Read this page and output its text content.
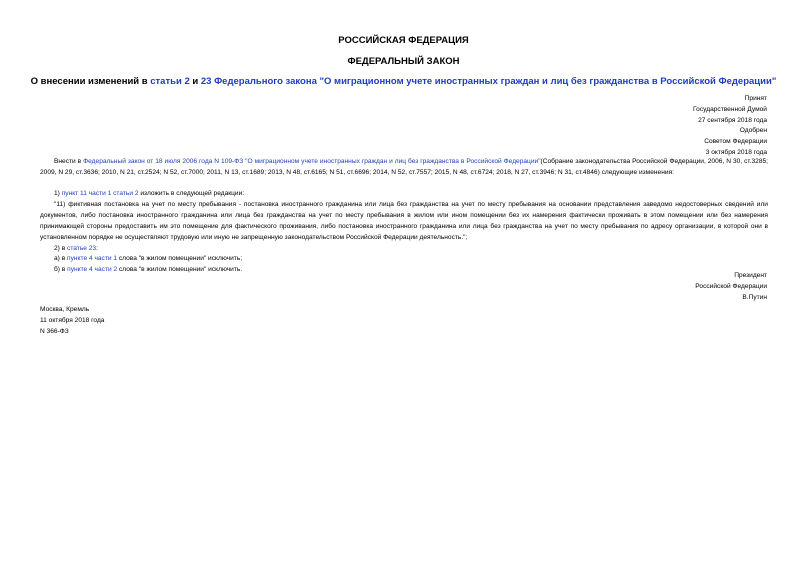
РОССИЙСКАЯ ФЕДЕРАЦИЯ
ФЕДЕРАЛЬНЫЙ ЗАКОН
О внесении изменений в статьи 2 и 23 Федерального закона "О миграционном учете иностранных граждан и лиц без гражданства в Российской Федерации"
Принят
Государственной Думой
27 сентября 2018 года
Одобрен
Советом Федерации
3 октября 2018 года

Внести в Федеральный закон от 18 июля 2006 года N 109-ФЗ "О миграционном учете иностранных граждан и лиц без гражданства в Российской Федерации"(Собрание законодательства Российской Федерации, 2006, N 30, ст.3285; 2009, N 29, ст.3636; 2010, N 21, ст.2524; N 52, ст.7000; 2011, N 13, ст.1689; 2013, N 48, ст.6165; N 51, ст.6696; 2014, N 52, ст.7557; 2015, N 48, ст.6724; 2018, N 27, ст.3946; N 31, ст.4846) следующие изменения:

1) пункт 11 части 1 статьи 2 изложить в следующей редакции:

"11) фиктивная постановка на учет по месту пребывания - постановка иностранного гражданина или лица без гражданства на учет по месту пребывания на основании представления заведомо недостоверных сведений или документов, либо постановка иностранного гражданина или лица без гражданства на учет по месту пребывания в жилом или ином помещении без их намерения фактически проживать в этом помещении или без намерения принимающей стороны предоставить им это помещение для фактического проживания, либо постановка иностранного гражданина или лица без гражданства на учет по месту пребывания по адресу организации, в которой они в установленном порядке не осуществляют трудовую или иную не запрещенную законодательством Российской Федерации деятельность.";

2) в статье 23:

а) в пункте 4 части 1 слова "в жилом помещении" исключить;

б) в пункте 4 части 2 слова "в жилом помещении" исключить.

Президент
Российской Федерации
В.Путин
Москва, Кремль
11 октября 2018 года
N 366-ФЗ
